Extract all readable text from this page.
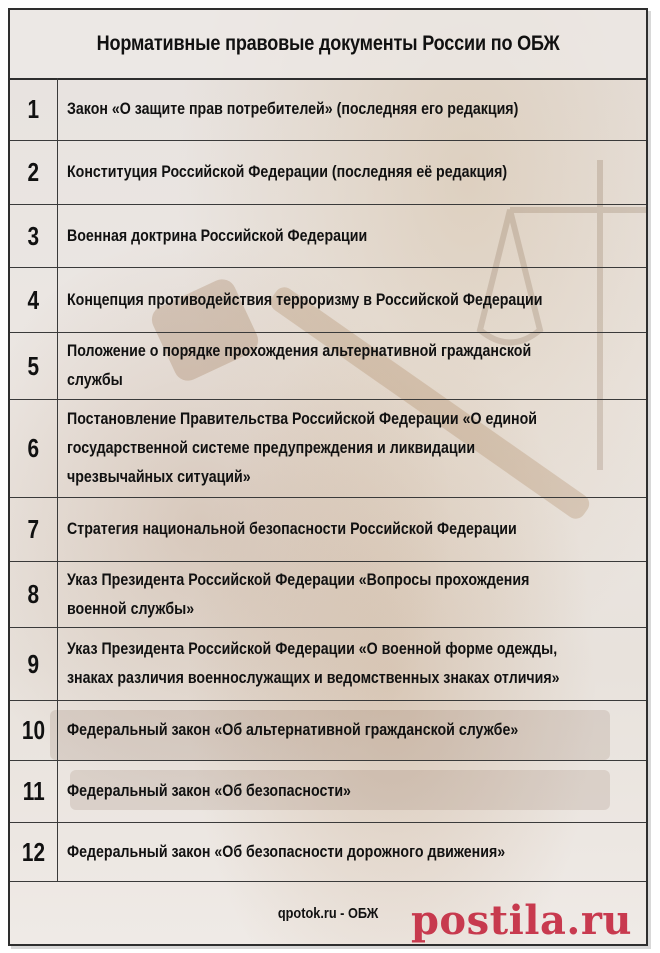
Нормативные правовые документы России по ОБЖ
1 Закон «О защите прав потребителей» (последняя его редакция)
2 Конституция Российской Федерации (последняя её редакция)
3 Военная доктрина Российской Федерации
4 Концепция противодействия терроризму в Российской Федерации
5 Положение о порядке прохождения альтернативной гражданской службы
6
Постановление Правительства Российской Федерации «О единой государственной системе предупреждения и ликвидации чрезвычайных ситуаций»
7 Стратегия национальной безопасности Российской Федерации
8 Указ Президента Российской Федерации «Вопросы прохождения военной службы»
9 Указ Президента Российской Федерации «О военной форме одежды, знаках различия военнослужащих и ведомственных знаках отличия»
10 Федеральный закон «Об альтернативной гражданской службе»
11 Федеральный закон «Об безопасности»
12 Федеральный закон «Об безопасности дорожного движения»
qpotok.ru - ОБЖ postila.ru
